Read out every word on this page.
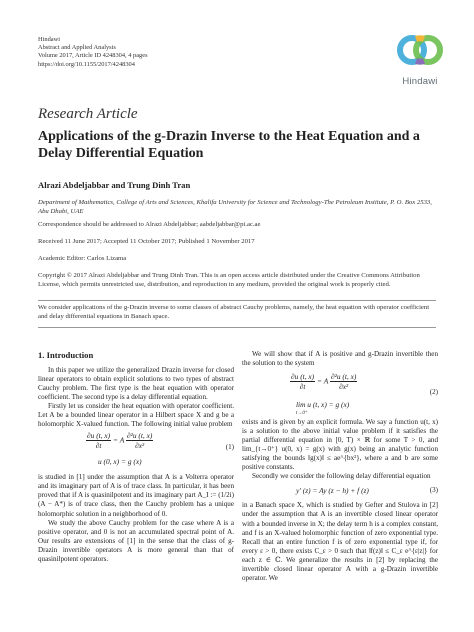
Hindawi
Abstract and Applied Analysis
Volume 2017, Article ID 4248304, 4 pages
https://doi.org/10.1155/2017/4248304
Hindawi
Research Article
Applications of the g-Drazin Inverse to the Heat Equation and a Delay Differential Equation
Alrazi Abdeljabbar and Trung Dinh Tran
Department of Mathematics, College of Arts and Sciences, Khalifa University for Science and Technology-The Petroleum Institute, P. O. Box 2533, Abu Dhabi, UAE
Correspondence should be addressed to Alrazi Abdeljabbar; aabdeljabbar@pi.ac.ae
Received 11 June 2017; Accepted 11 October 2017; Published 1 November 2017
Academic Editor: Carlos Lizama
Copyright © 2017 Alrazi Abdeljabbar and Trung Dinh Tran. This is an open access article distributed under the Creative Commons Attribution License, which permits unrestricted use, distribution, and reproduction in any medium, provided the original work is properly cited.
We consider applications of the g-Drazin inverse to some classes of abstract Cauchy problems, namely, the heat equation with operator coefficient and delay differential equations in Banach space.
1. Introduction

In this paper we utilize the generalized Drazin inverse for closed linear operators to obtain explicit solutions to two types of abstract Cauchy problem. The first type is the heat equation with operator coefficient. The second type is a delay differential equation.

Firstly let us consider the heat equation with operator coefficient. Let A be a bounded linear operator in a Hilbert space X and g be a holomorphic X-valued function. The following initial value problem

$\frac{\partial u (t, x)}{\partial t} = A \frac{\text{∂²u (t, x)}}{\text{∂x²}}$
u (0, x) = g (x)
(1)

is studied in [1] under the assumption that A is a Volterra operator and its imaginary part of A is of trace class. In particular, it has been proved that if A is quasinilpotent and its imaginary part A_I := (1/2i)(A − A*) is of trace class, then the Cauchy problem has a unique holomorphic solution in a neighborhood of 0.

We study the above Cauchy problem for the case where A is a positive operator, and 0 is not an accumulated spectral point of A. Our results are extensions of [1] in the sense that the class of g-Drazin invertible operators A is more general than that of quasinilpotent operators.

We will show that if A is positive and g-Drazin invertible then the solution to the system

$\frac{\partial u (t, x)}{\partial t} = A \frac{\text{∂²u (t, x)}}{\text{∂x²}}$
lim u (t, x) = g (x)
t→0⁺
(2)

exists and is given by an explicit formula. We say a function u(t, x) is a solution to the above initial value problem if it satisfies the partial differential equation in [0, T) × ℝ for some T > 0, and lim_{t→0⁺} u(0, x) = g(x) with g(x) being an analytic function satisfying the bounds ‖g(x)‖ ≤ ae^{bx²}, where a and b are some positive constants.

Secondly we consider the following delay differential equation

y′ (z) = Ay (z − h) + f (z)	(3)

in a Banach space X, which is studied by Gefter and Stulova in [2] under the assumption that A is an invertible closed linear operator with a bounded inverse in X; the delay term h is a complex constant, and f is an X-valued holomorphic function of zero exponential type. Recall that an entire function f is of zero exponential type if, for every ε > 0, there exists C_ε > 0 such that ‖f(z)‖ ≤ C_ε e^{ε|z|} for each z ∈ ℂ. We generalize the results in [2] by replacing the invertible closed linear operator A with a g-Drazin invertible operator. We
